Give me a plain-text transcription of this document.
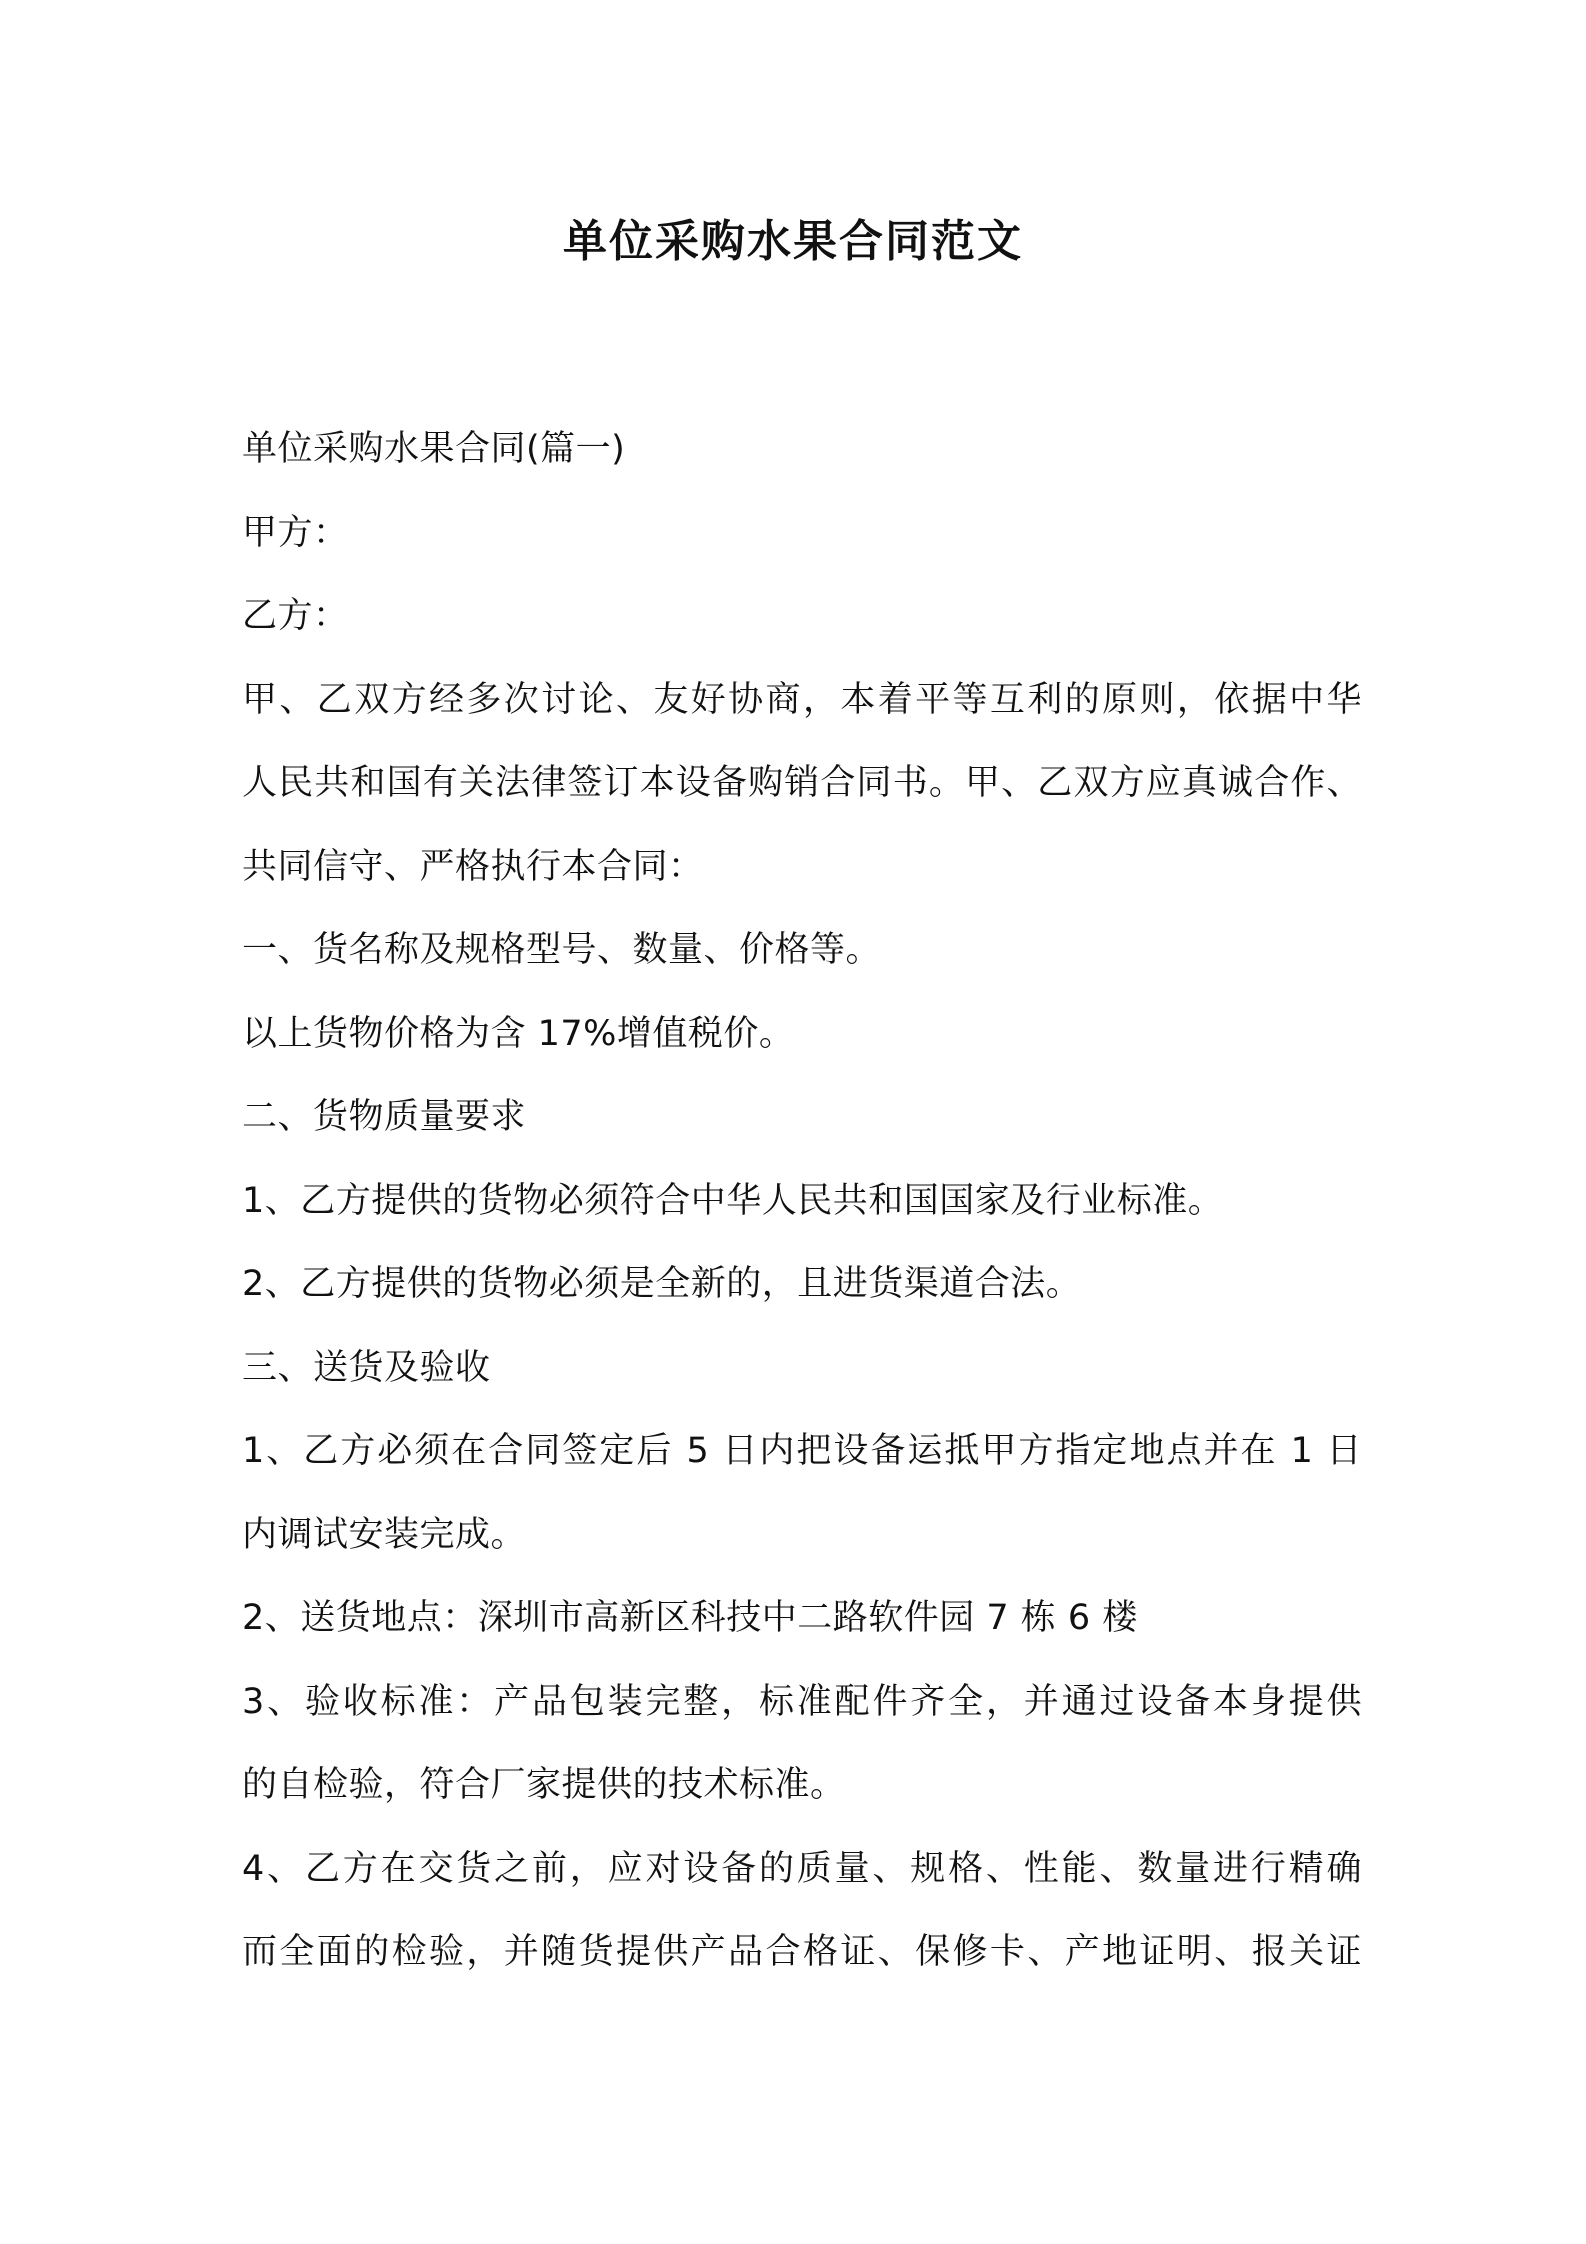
单位采购水果合同范文

单位采购水果合同(篇一)

甲方：

乙方：

甲、乙双方经多次讨论、友好协商，本着平等互利的原则，依据中华

人民共和国有关法律签订本设备购销合同书。甲、乙双方应真诚合作、

共同信守、严格执行本合同：

一、货名称及规格型号、数量、价格等。

以上货物价格为含 17%增值税价。

二、货物质量要求

1、乙方提供的货物必须符合中华人民共和国国家及行业标准。

2、乙方提供的货物必须是全新的，且进货渠道合法。

三、送货及验收

1、乙方必须在合同签定后 5 日内把设备运抵甲方指定地点并在 1 日

内调试安装完成。

2、送货地点：深圳市高新区科技中二路软件园 7 栋 6 楼

3、验收标准：产品包装完整，标准配件齐全，并通过设备本身提供

的自检验，符合厂家提供的技术标准。

4、乙方在交货之前，应对设备的质量、规格、性能、数量进行精确

而全面的检验，并随货提供产品合格证、保修卡、产地证明、报关证
